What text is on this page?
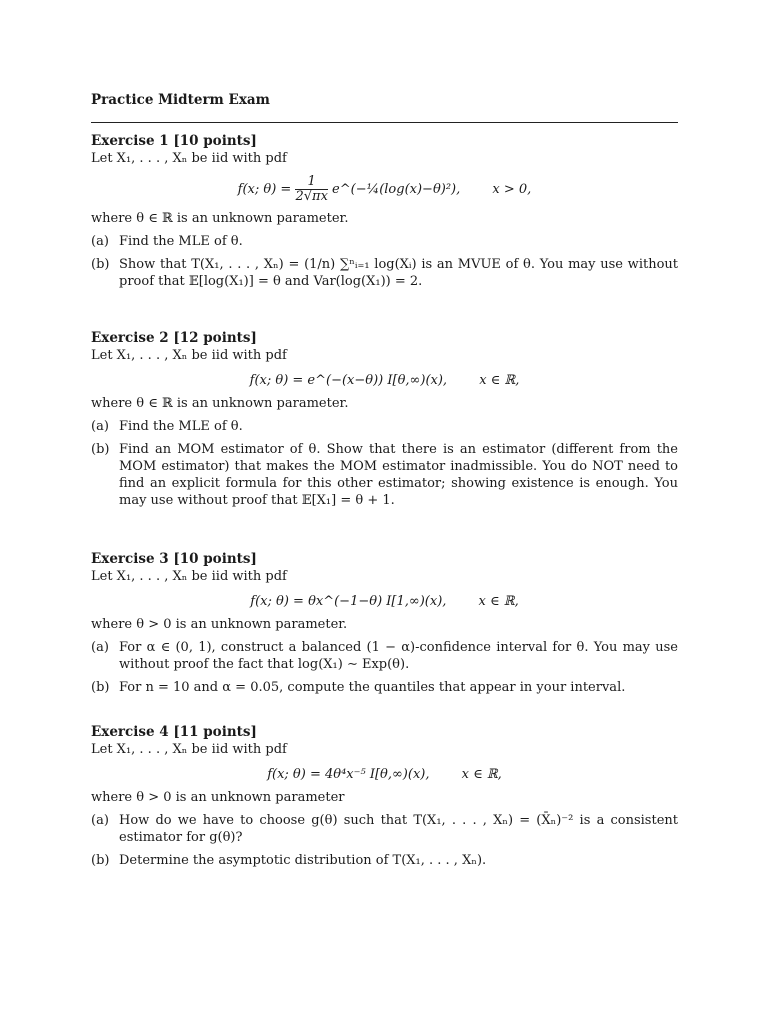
Practice Midterm Exam

Exercise 1 [10 points]

Let X₁, . . . , Xₙ be iid with pdf

f(x; $\theta) = \frac{1}{2√\pi x}$ e^(−¼(log(x)−θ)²), x > 0,

where θ ∈ ℝ is an unknown parameter.

(a) Find the MLE of θ.
(b) Show that T(X₁, . . . , Xₙ) = (1/n) ∑ⁿᵢ₌₁ log(Xᵢ) is an MVUE of θ. You may use without proof that 𝔼[log(X₁)] = θ and Var(log(X₁)) = 2.

Exercise 2 [12 points]

Let X₁, . . . , Xₙ be iid with pdf

f(x; θ) = e^(−(x−θ)) I[θ,∞)(x), x ∈ ℝ,

where θ ∈ ℝ is an unknown parameter.

(a) Find the MLE of θ.
(b) Find an MOM estimator of θ. Show that there is an estimator (different from the MOM estimator) that makes the MOM estimator inadmissible. You do NOT need to find an explicit formula for this other estimator; showing existence is enough. You may use without proof that 𝔼[X₁] = θ + 1.

Exercise 3 [10 points]

Let X₁, . . . , Xₙ be iid with pdf

f(x; θ) = θx^(−1−θ) I[1,∞)(x), x ∈ ℝ,

where θ > 0 is an unknown parameter.

(a) For α ∈ (0, 1), construct a balanced (1 − α)-confidence interval for θ. You may use without proof the fact that log(X₁) ∼ Exp(θ).
(b) For n = 10 and α = 0.05, compute the quantiles that appear in your interval.

Exercise 4 [11 points]

Let X₁, . . . , Xₙ be iid with pdf

f(x; θ) = 4θ⁴x⁻⁵ I[θ,∞)(x), x ∈ ℝ,

where θ > 0 is an unknown parameter

(a) How do we have to choose g(θ) such that T(X₁, . . . , Xₙ) = (X̄ₙ)⁻² is a consistent estimator for g(θ)?
(b) Determine the asymptotic distribution of T(X₁, . . . , Xₙ).
